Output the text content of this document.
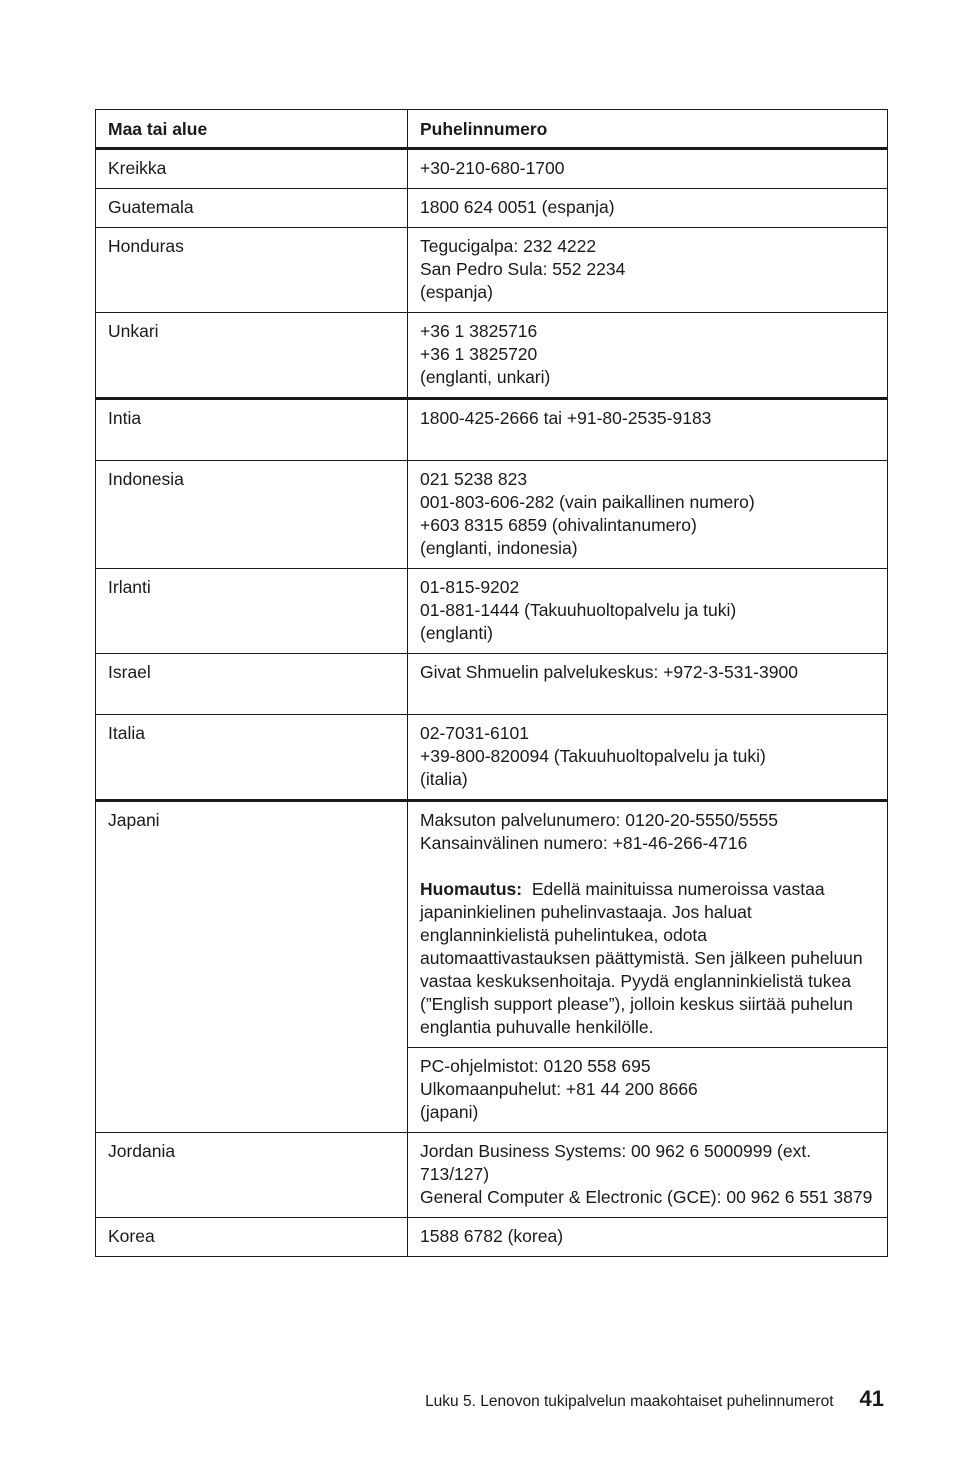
Maa tai alue	Puhelinnumero
Kreikka	+30-210-680-1700

Guatemala	1800 624 0051 (espanja)

Honduras	Tegucigalpa: 232 4222
San Pedro Sula: 552 2234
(espanja)

Unkari	+36 1 3825716
+36 1 3825720
(englanti, unkari)

Intia	1800-425-2666 tai +91-80-2535-9183

Indonesia	021 5238 823
001-803-606-282 (vain paikallinen numero)
+603 8315 6859 (ohivalintanumero)
(englanti, indonesia)

Irlanti	01-815-9202
01-881-1444 (Takuuhuoltopalvelu ja tuki)
(englanti)

Israel	Givat Shmuelin palvelukeskus: +972-3-531-3900

Italia	02-7031-6101
+39-800-820094 (Takuuhuoltopalvelu ja tuki)
(italia)

Japani	Maksuton palvelunumero: 0120-20-5550/5555
Kansainvälinen numero: +81-46-266-4716
Huomautus: Edellä mainituissa numeroissa vastaa japaninkielinen puhelinvastaaja. Jos haluat englanninkielistä puhelintukea, odota automaattivastauksen päättymistä. Sen jälkeen puheluun vastaa keskuksenhoitaja. Pyydä englanninkielistä tukea (”English support please”), jolloin keskus siirtää puhelun englantia puhuvalle henkilölle.

	PC-ohjelmistot: 0120 558 695
Ulkomaanpuhelut: +81 44 200 8666
(japani)

Jordania	Jordan Business Systems: 00 962 6 5000999 (ext. 713/127)
General Computer & Electronic (GCE): 00 962 6 551 3879

Korea	1588 6782 (korea)
Luku 5. Lenovon tukipalvelun maakohtaiset puhelinnumerot 41
